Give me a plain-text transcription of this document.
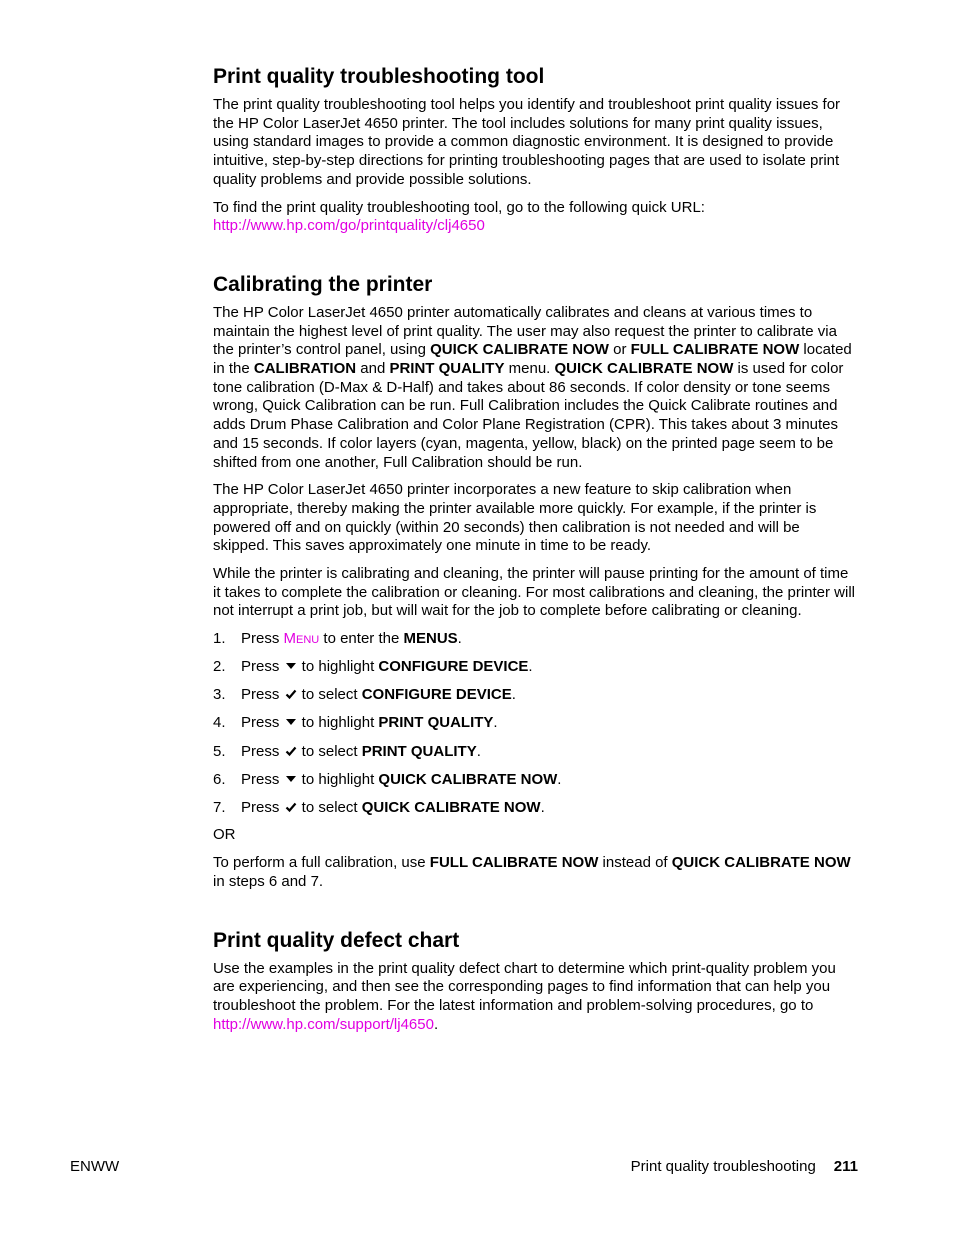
Print quality troubleshooting tool

The print quality troubleshooting tool helps you identify and troubleshoot print quality issues for the HP Color LaserJet 4650 printer. The tool includes solutions for many print quality issues, using standard images to provide a common diagnostic environment. It is designed to provide intuitive, step-by-step directions for printing troubleshooting pages that are used to isolate print quality problems and provide possible solutions.

To find the print quality troubleshooting tool, go to the following quick URL:
http://www.hp.com/go/printquality/clj4650

Calibrating the printer

The HP Color LaserJet 4650 printer automatically calibrates and cleans at various times to maintain the highest level of print quality. The user may also request the printer to calibrate via the printer’s control panel, using QUICK CALIBRATE NOW or FULL CALIBRATE NOW located in the CALIBRATION and PRINT QUALITY menu. QUICK CALIBRATE NOW is used for color tone calibration (D-Max & D-Half) and takes about 86 seconds. If color density or tone seems wrong, Quick Calibration can be run. Full Calibration includes the Quick Calibrate routines and adds Drum Phase Calibration and Color Plane Registration (CPR). This takes about 3 minutes and 15 seconds. If color layers (cyan, magenta, yellow, black) on the printed page seem to be shifted from one another, Full Calibration should be run.

The HP Color LaserJet 4650 printer incorporates a new feature to skip calibration when appropriate, thereby making the printer available more quickly. For example, if the printer is powered off and on quickly (within 20 seconds) then calibration is not needed and will be skipped. This saves approximately one minute in time to be ready.

While the printer is calibrating and cleaning, the printer will pause printing for the amount of time it takes to complete the calibration or cleaning. For most calibrations and cleaning, the printer will not interrupt a print job, but will wait for the job to complete before calibrating or cleaning.

1. Press Menu to enter the MENUS.
2. Press  to highlight CONFIGURE DEVICE.
3. Press  to select CONFIGURE DEVICE.
4. Press  to highlight PRINT QUALITY.
5. Press  to select PRINT QUALITY.
6. Press  to highlight QUICK CALIBRATE NOW.
7. Press  to select QUICK CALIBRATE NOW.

OR

To perform a full calibration, use FULL CALIBRATE NOW instead of QUICK CALIBRATE NOW in steps 6 and 7.

Print quality defect chart

Use the examples in the print quality defect chart to determine which print-quality problem you are experiencing, and then see the corresponding pages to find information that can help you troubleshoot the problem. For the latest information and problem-solving procedures, go to http://www.hp.com/support/lj4650.

ENWW	Print quality troubleshooting 211
